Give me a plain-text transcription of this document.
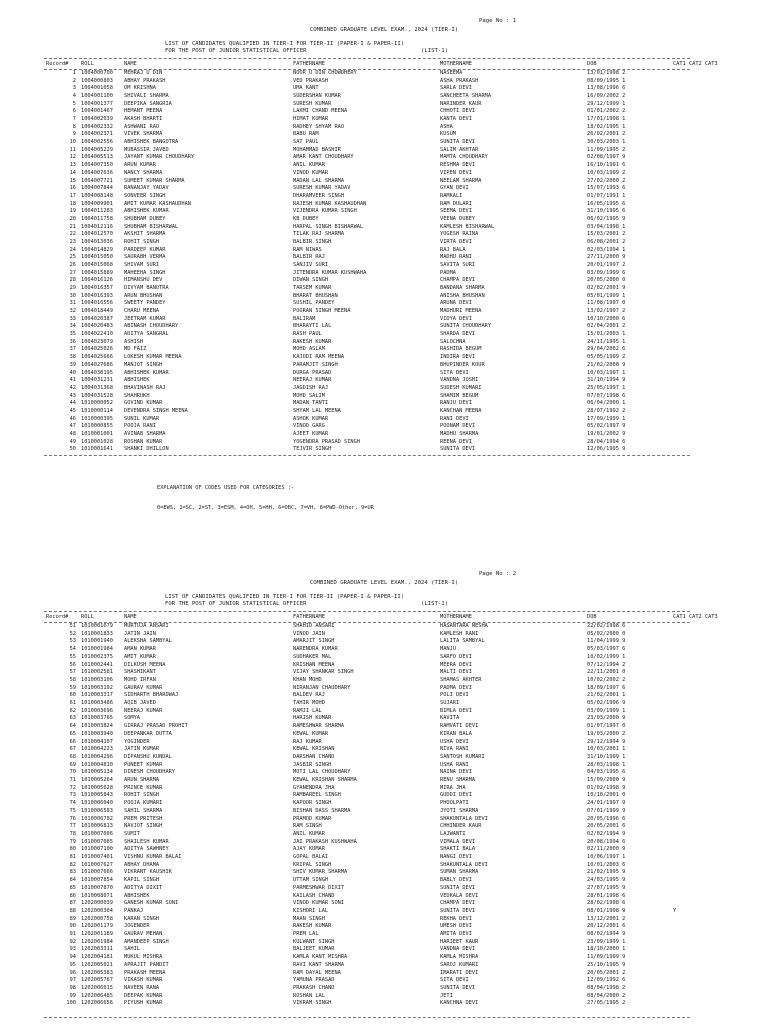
Page No : 1
COMBINED GRADUATE LEVEL EXAM., 2024 (TIER-I)
LIST OF CANDIDATES QUALIFIED IN TIER-I FOR TIER-II (PAPER-I & PAPER-II)
FOR THE POST OF JUNIOR STATISTICAL OFFICER	(LIST-1)
Record#	ROLL	NAME	FATHERNAME	MOTHERNAME	DOB	CAT1 CAT2 CAT3
1 1004000700 MEHRAJ U DIN	NOOR U DIN CHOWDHERY	NASEEMA	13/01/1998 2
2 1004000803 ABHAY PRAKASH	VED PRAKASH	ASHA PRAKASH	08/09/1995 1
3 1004001058 OM KRISHNA	UMA KANT	SARLA DEVI	13/08/1996 6
4 1004001100 SHIVALI SHARMA	SUDERSHAN KUMAR	SANCHEETA SHARMA	16/09/2002 2
5 1004001377 DEEPIKA SANGRIA	SURESH KUMAR	NARINDER KAUR	29/12/1999 1
6 1004001467 HEMANT MEENA	LAXMI CHAND MEENA	CHHOTI DEVI	01/01/2002 2
7 1004002039 AKASH BHARTI	HIMAT KUMAR	KANTA DEVI	17/01/1998 1
8 1004002332 ASHWANI RAO	RADHEY SHYAM RAO	ASHA	18/02/1995 1
9 1004002371 VIVEK SHARMA	BABU RAM	KUSUM	26/02/2001 2
10 1004002556 ABHISHEK BANGOTRA	SAT PAUL	SUNITA DEVI	30/03/2003 1
11 1004005229 MUBASSIR JAVED	MOHAMMAD BASHIR	SALIM AKHTAR	11/09/1995 2
12 1004005513 JAYANT KUMAR CHOUDHARY	AMAR KANT CHOUDHARY	MAMTA CHOUDHARY	02/08/1997 9
13 1004007350 ARUN KUMAR	ANIL KUMAR	RESHMA DEVI	16/10/1991 6
14 1004007636 NANCY SHARMA	VINOD KUMAR	VIPEN DEVI	10/03/1999 2
15 1004007721 SUMEET KUMAR SHARMA	MADAN LAL SHARMA	NEELAM SHARMA	27/02/2000 2
16 1004007844 RANANJAY YADAV	SURESH KUMAR YADAV	GYAN DEVI	15/07/1993 6
17 1004008148 SONVEER SINGH	DHARAMVEER SINGH	RAMKALI	01/07/1991 1
18 1004009901 AMIT KUMAR KASHAUDHAN	RAJESH KUMAR KASHAUDHAN	RAM DULARI	16/05/1995 6
19 1004011283 ABHISHEK KUMAR	VIJENDRA KUMAR SINGH	SEEMA DEVI	31/10/1995 6
20 1004011758 SHUBHAM DUBEY	KB DUBEY	VEENA DUBEY	06/02/1995 9
21 1004012116 SHUBHAM BISHARWAL	HARPAL SINGH BISHARWAL	KAMLESH BISHARWAL	03/04/1998 1
22 1004012570 AKSHIT SHARMA	TILAK RAJ SHARMA	YOGESH RAINA	15/03/2001 2
23 1004013036 ROHIT SINGH	BALBIR SINGH	VIRTA DEVI	06/08/2001 2
24 1004014829 PARDEEP KUMAR	RAM NIWAS	RAJ BALA	02/03/1994 1
25 1004015050 SAURABH VERMA	BALBIR RAJ	MADHU RANI	27/11/2000 9
26 1004015068 SHIVAM SURI	SANJIV SURI	SAVITA SURI	20/01/1997 2
27 1004015889 MAHEEHA SINGH	JITENDRA KUMAR KUSHWAHA	PADMA	03/09/1999 6
28 1004016126 HIMANSHU DEV	DIWAN SINGH	CHAMPA DEVI	20/05/2000 0
29 1004016357 DIVYAM BANOTRA	TARSEM KUMAR	BANDANA SHARMA	02/02/2001 9
30 1004016393 ARUN BHUSHAN	BHARAT BHUSHAN	ANISHA BHUSHAN	05/01/1999 1
31 1004016556 SWEETY PANDEY	SUSHIL PANDEY	ARUNA DEVI	11/08/1997 0
32 1004018449 CHARU MEENA	POORAN SINGH MEENA	MADHURI MEENA	13/02/1997 2
33 1004020387 JEETRAM KUMAR	BALIRAM	VIDYA DEVI	10/10/2000 6
34 1004020483 ABINASH CHOUDHARY	BHARAYTI LAL	SUNITA CHOUDHARY	02/04/2001 2
35 1004022410 ADITYA SANGRAL	RASH PAUL	SHARDA DEVI	15/01/2003 1
36 1004023079 ASHISH	RAKESH KUMAR	SALOCHNA	24/11/1995 1
37 1004025026 MD FAIZ	MOHD ASLAM	RASHIDA BEGUM	29/04/2002 6
38 1004025666 LOKESH KUMAR MEENA	KAJODI RAM MEENA	INDIRA DEVI	05/05/1999 2
39 1004027686 MANJOT SINGH	PARAMJIT SINGH	BHUPINDER KOUR	21/02/2000 9
40 1004030195 ABHISHEK KUMAR	DURGA PRASAD	SITA DEVI	10/03/1997 1
41 1004031231 ABHISHEK	NEERAJ KUMAR	VANDNA JOSHI	31/10/1994 9
42 1004031368 BHAVINASH RAJ	JAGDISH RAJ	SUDESH KUMARI	25/05/1997 1
43 1004031528 SHAHRUKH	MOHD SALIM	SHAMIM BEGUM	07/07/1998 6
44 1010000052 GOVIND KUMAR	MADAN TANTI	RANJU DEVI	06/04/2000 1
45 1010000114 DEVENDRA SINGH MEENA	SHYAM LAL MEENA	KANCHAN MEENA	28/07/1992 2
46 1010000395 SUNIL KUMAR	ASHOK KUMAR	RANI DEVI	17/09/1999 1
47 1010000855 POOJA RANI	VINOD GARG	POONAM DEVI	05/02/1997 9
48 1010001001 AVINAB SHARMA	AJEET KUMAR	MADHU SHARMA	19/01/2002 9
49 1010001028 ROSHAN KUMAR	YOGENDRA PRASAD SINGH	REENA DEVI	28/04/1994 6
50 1010001641 SHANKI DHILLON	TEJVIR SINGH	SUNITA DEVI	12/06/1995 9

EXPLANATION OF CODES USED FOR CATEGORIES :-

0=EWS, 1=SC, 2=ST, 3=ESM, 4=OH, 5=HH, 6=OBC, 7=VH, 8=PWD-Other, 9=UR

Page No : 2
COMBINED GRADUATE LEVEL EXAM., 2024 (TIER-I)
LIST OF CANDIDATES QUALIFIED IN TIER-I FOR TIER-II (PAPER-I & PAPER-II)
FOR THE POST OF JUNIOR STATISTICAL OFFICER	(LIST-1)
Record#	ROLL	NAME	FATHERNAME	MOTHERNAME	DOB	CAT1 CAT2 CAT3
51 1010001679 MURTUJA ANSARI	SHAHID ANSARI	HASANTARA NESHA	22/02/1998 6
52 1010001833 JATIN JAIN	VINOD JAIN	KAMLESH RANI	05/02/2000 0
53 1010001940 ALEKSHA SAMBYAL	AMARJIT SINGH	LALITA SAMBYAL	11/04/1999 9
54 1010001984 AMAN KUMAR	NARENDRA KUMAR	MANJU	05/03/1997 6
55 1010002375 AMIT KUMAR	SUDHAKER MAL	SARFO DEVI	10/02/1999 1
56 1010002441 DILKUSH MEENA	KRISHAN MEENA	MEERA DEVI	07/12/1994 2
57 1010002581 SHASHIKANT	VIJAY SHANKAR SINGH	MALTI DEVI	22/11/2001 0
58 1010003106 MOHD IRFAN	KHAN MOHD	SHAMAS AKHTER	10/02/2002 2
59 1010003192 GAURAV KUMAR	NIRANJAN CHAUDHARY	PADMA DEVI	18/09/1997 6
60 1010003317 SIDHARTH BHARDWAJ	BALDEV RAJ	POLI DEVI	21/02/2001 1
61 1010003486 AQIB JAVED	TAHIR MOHD	SUJARI	05/02/1996 9
62 1010003696 NEERAJ KUMAR	RAMJI LAL	BIMLA DEVI	03/09/1999 1
63 1010003765 SOMYA	HARISH KUMAR	KAVITA	23/03/2000 9
64 1010003824 GIRRAJ PRASAD PROHIT	RAMESHWAR SHARMA	RAMVATI DEVI	01/07/1997 0
65 1010003940 DEEPANKAR DUTTA	KEWAL KUMAR	KIRAN BALA	19/03/2000 2
66 1010004107 YOGINDER	RAJ KUMAR	USHA DEVI	29/12/1994 9
67 1010004223 JATIN KUMAR	KEWAL KRISHAN	NIVA RANI	10/03/2001 1
68 1010004296 DIPANSHU KUNDAL	DARSHAN CHAND	SANTOSH KUMARI	31/10/1999 1
69 1010004810 PUNEET KUMAR	JASBIR SINGH	USHA RANI	28/03/1998 1
70 1010005134 DINESH CHOUDHARY	MOTI LAL CHOUDHARY	NAINA DEVI	04/03/1995 6
71 1010005264 ARUN SHARMA	KEWAL KRISHAN SHARMA	RENU SHARMA	15/09/2000 9
72 1010005628 PRINCE KUMAR	GYANENDRA JHA	MIRA JHA	01/02/1998 9
73 1010005843 ROHIT SINGH	RAMBAREEL SINGH	GUDDI DEVI	10/10/2001 0
74 1010006040 POOJA KUMARI	KAPOOR SINGH	PHOOLPATI	24/01/1997 9
75 1010006583 SAHIL SHARMA	BISHAN DASS SHARMA	JYOTI SHARMA	07/01/1999 9
76 1010006702 PREM PRITESH	PRAMOD KUMAR	SHAKUNTALA DEVI	20/05/1996 6
77 1010006813 NAVJOT SINGH	RAM SINGH	CHHINDER KAUR	20/05/2001 6
78 1010007006 SUMIT	ANIL KUMAR	LAJWANTI	02/02/1994 9
79 1010007085 SHAILESH KUMAR	JAI PRAKASH KUSHWAHA	VIMALA DEVI	20/08/1994 6
80 1010007100 ADITYA SAWHNEY	AJAY KUMAR	SHAKTI BALA	02/11/2000 9
81 1010007401 VISHNU KUMAR BALAI	GOPAL BALAI	NANGI DEVI	10/06/1997 1
82 1010007627 ABHAY DHAMA	KRIPAL SINGH	SHAKUNTALA DEVI	10/01/2003 6
83 1010007666 VIKRANT KAUSHIK	SHIV KUMAR SHARMA	SUMAN SHARMA	21/02/1995 9
84 1010007854 KAPIL SINGH	UTTAM SINGH	BABLY DEVI	24/03/1995 9
85 1010007870 ADITYA DIXIT	PARMESHWAR DIXIT	SUNITA DEVI	27/07/1995 9
86 1010008071 ABHISHEK	KAILASH CHAND	VEDKALA DEVI	28/01/1998 6
87 1202000039 GANESH KUMAR SONI	VINOD KUMAR SONI	CHAMPA DEVI	28/02/1998 6
88 1202000304 PANKAJ	KISHORI LAL	SUNITA DEVI	08/01/1998 9	Y
89 1202000758 KARAN SINGH	MAAN SINGH	REKHA DEVI	13/12/2001 2
90 1202001179 JOGENDER	RAKESH KUMAR	UMESH DEVI	20/12/2001 6
91 1202001189 GAURAV MEHAN	PREM LAL	AMITA DEVI	08/02/1994 9
92 1202001984 AMANDEEP SINGH	KULWANT SINGH	HARJEET KAUR	23/09/1999 1
93 1202003311 SAHIL	BALJEET KUMAR	VANDNA DEVI	18/10/2000 1
94 1202004181 MUKUL MISHRA	KAMLA KANT MISHRA	KAMLA MISHRA	11/09/1999 9
95 1202005021 APRAJIT PANDIT	RAVI KANT SHARMA	SAROJ KUMARI	25/10/1995 9
96 1202005383 PRAKASH MEENA	RAM DAYAL MEENA	IMARATI DEVI	20/05/2001 2
97 1202005767 VIKASH KUMAR	YAMUNA PRASAD	SITA DEVI	12/09/1992 6
98 1202006015 NAVEEN RANA	PRAKASH CHAND	SUNITA DEVI	08/04/1998 2
99 1202006485 DEEPAK KUMAR	ROSHAN LAL	JETI	08/04/2000 2
100 1202006656 PIYUSH KUMAR	VIKRAM SINGH	KANCHNA DEVI	27/05/1995 2
